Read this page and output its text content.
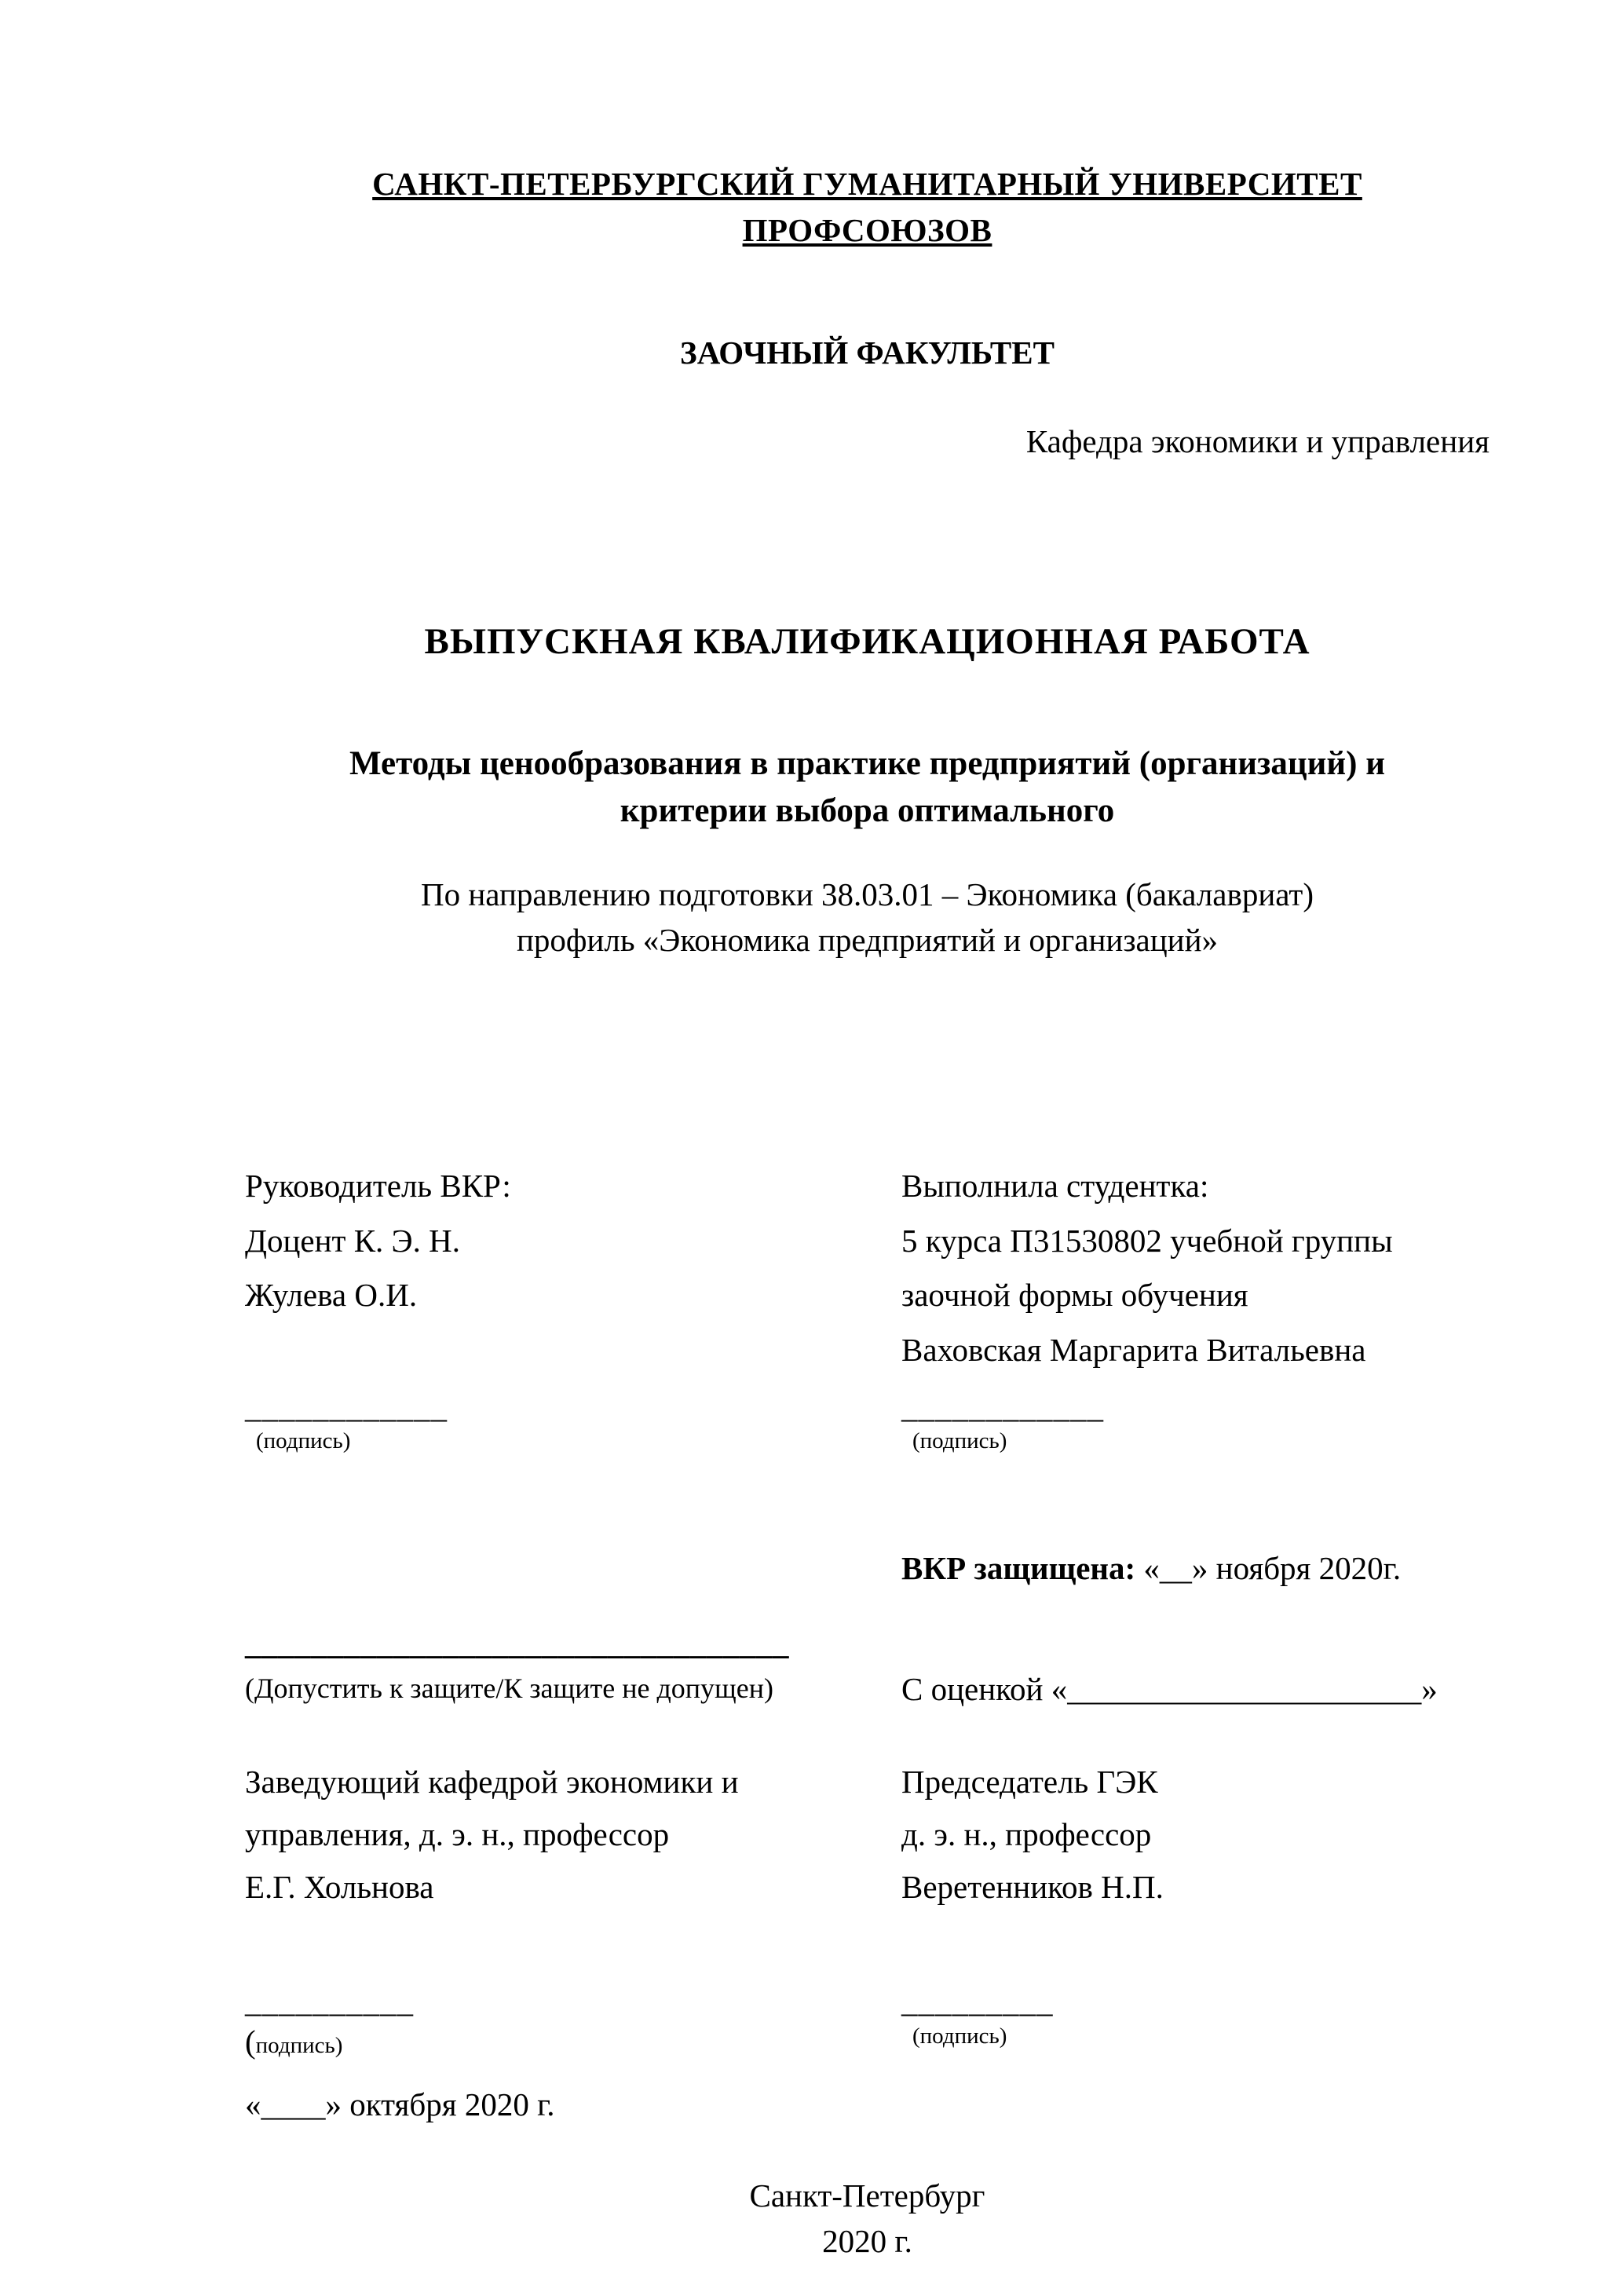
САНКТ-ПЕТЕРБУРГСКИЙ ГУМАНИТАРНЫЙ УНИВЕРСИТЕТ ПРОФСОЮЗОВ
ЗАОЧНЫЙ ФАКУЛЬТЕТ
Кафедра экономики и управления
ВЫПУСКНАЯ КВАЛИФИКАЦИОННАЯ РАБОТА
Методы ценообразования в практике предприятий (организаций) и
критерии выбора оптимального
По направлению подготовки 38.03.01 – Экономика (бакалавриат)
профиль «Экономика предприятий и организаций»
Руководитель ВКР:
Доцент К. Э. Н.
Жулева О.И.
____________
(подпись)
Выполнила студентка:
5 курса П31530802 учебной группы
заочной формы обучения
Ваховская Маргарита Витальевна
____________
(подпись)
ВКР защищена: «__» ноября 2020г.
_________________________________
(Допустить к защите/К защите не допущен)	С оценкой «______________________»
Заведующий кафедрой экономики и
управления, д. э. н., профессор
Е.Г. Хольнова
__________
(подпись)
«____» октября 2020 г.
Председатель ГЭК
д. э. н., профессор
Веретенников Н.П.
_________
(подпись)
Санкт-Петербург
2020 г.
